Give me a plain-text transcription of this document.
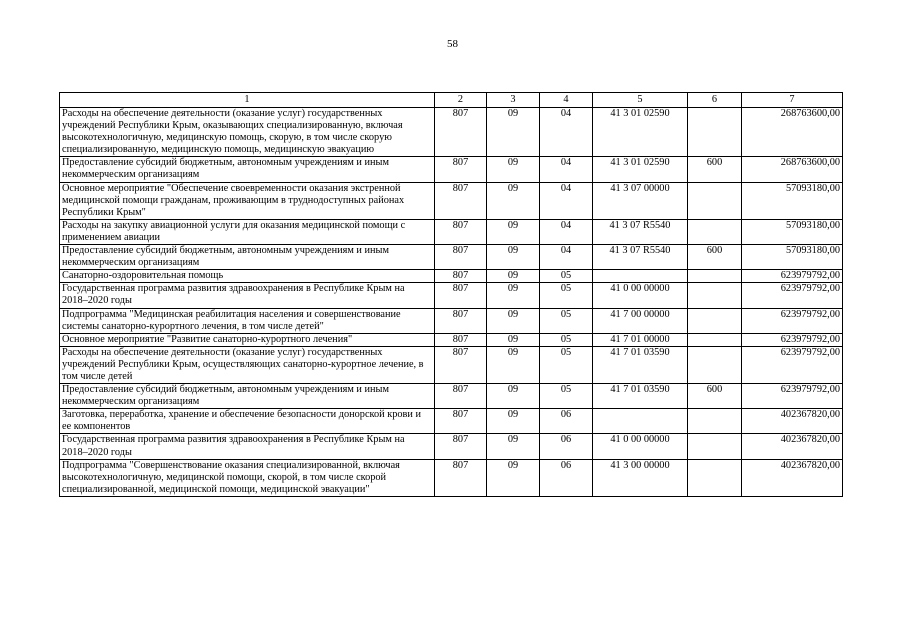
58
1	2	3	4	5	6	7
Расходы на обеспечение деятельности (оказание услуг) государственных учреждений Республики Крым, оказывающих специализированную, включая высокотехнологичную, медицинскую помощь, скорую, в том числе скорую специализированную, медицинскую помощь, медицинскую эвакуацию	807	09	04	41 3 01 02590		268763600,00
Предоставление субсидий бюджетным, автономным учреждениям и иным некоммерческим организациям	807	09	04	41 3 01 02590	600	268763600,00
Основное мероприятие "Обеспечение своевременности оказания экстренной медицинской помощи гражданам, проживающим в труднодоступных районах Республики Крым"	807	09	04	41 3 07 00000		57093180,00
Расходы на закупку авиационной услуги для оказания медицинской помощи с применением авиации	807	09	04	41 3 07 R5540		57093180,00
Предоставление субсидий бюджетным, автономным учреждениям и иным некоммерческим организациям	807	09	04	41 3 07 R5540	600	57093180,00
Санаторно-оздоровительная помощь	807	09	05			623979792,00
Государственная программа развития здравоохранения в Республике Крым на 2018–2020 годы	807	09	05	41 0 00 00000		623979792,00
Подпрограмма "Медицинская реабилитация населения и совершенствование системы санаторно-курортного лечения, в том числе детей"	807	09	05	41 7 00 00000		623979792,00
Основное мероприятие "Развитие санаторно-курортного лечения"	807	09	05	41 7 01 00000		623979792,00
Расходы на обеспечение деятельности (оказание услуг) государственных учреждений Республики Крым, осуществляющих санаторно-курортное лечение, в том числе детей	807	09	05	41 7 01 03590		623979792,00
Предоставление субсидий бюджетным, автономным учреждениям и иным некоммерческим организациям	807	09	05	41 7 01 03590	600	623979792,00
Заготовка, переработка, хранение и обеспечение безопасности донорской крови и ее компонентов	807	09	06			402367820,00
Государственная программа развития здравоохранения в Республике Крым на 2018–2020 годы	807	09	06	41 0 00 00000		402367820,00
Подпрограмма "Совершенствование оказания специализированной, включая высокотехнологичную, медицинской помощи, скорой, в том числе скорой специализированной, медицинской помощи, медицинской эвакуации"	807	09	06	41 3 00 00000		402367820,00
